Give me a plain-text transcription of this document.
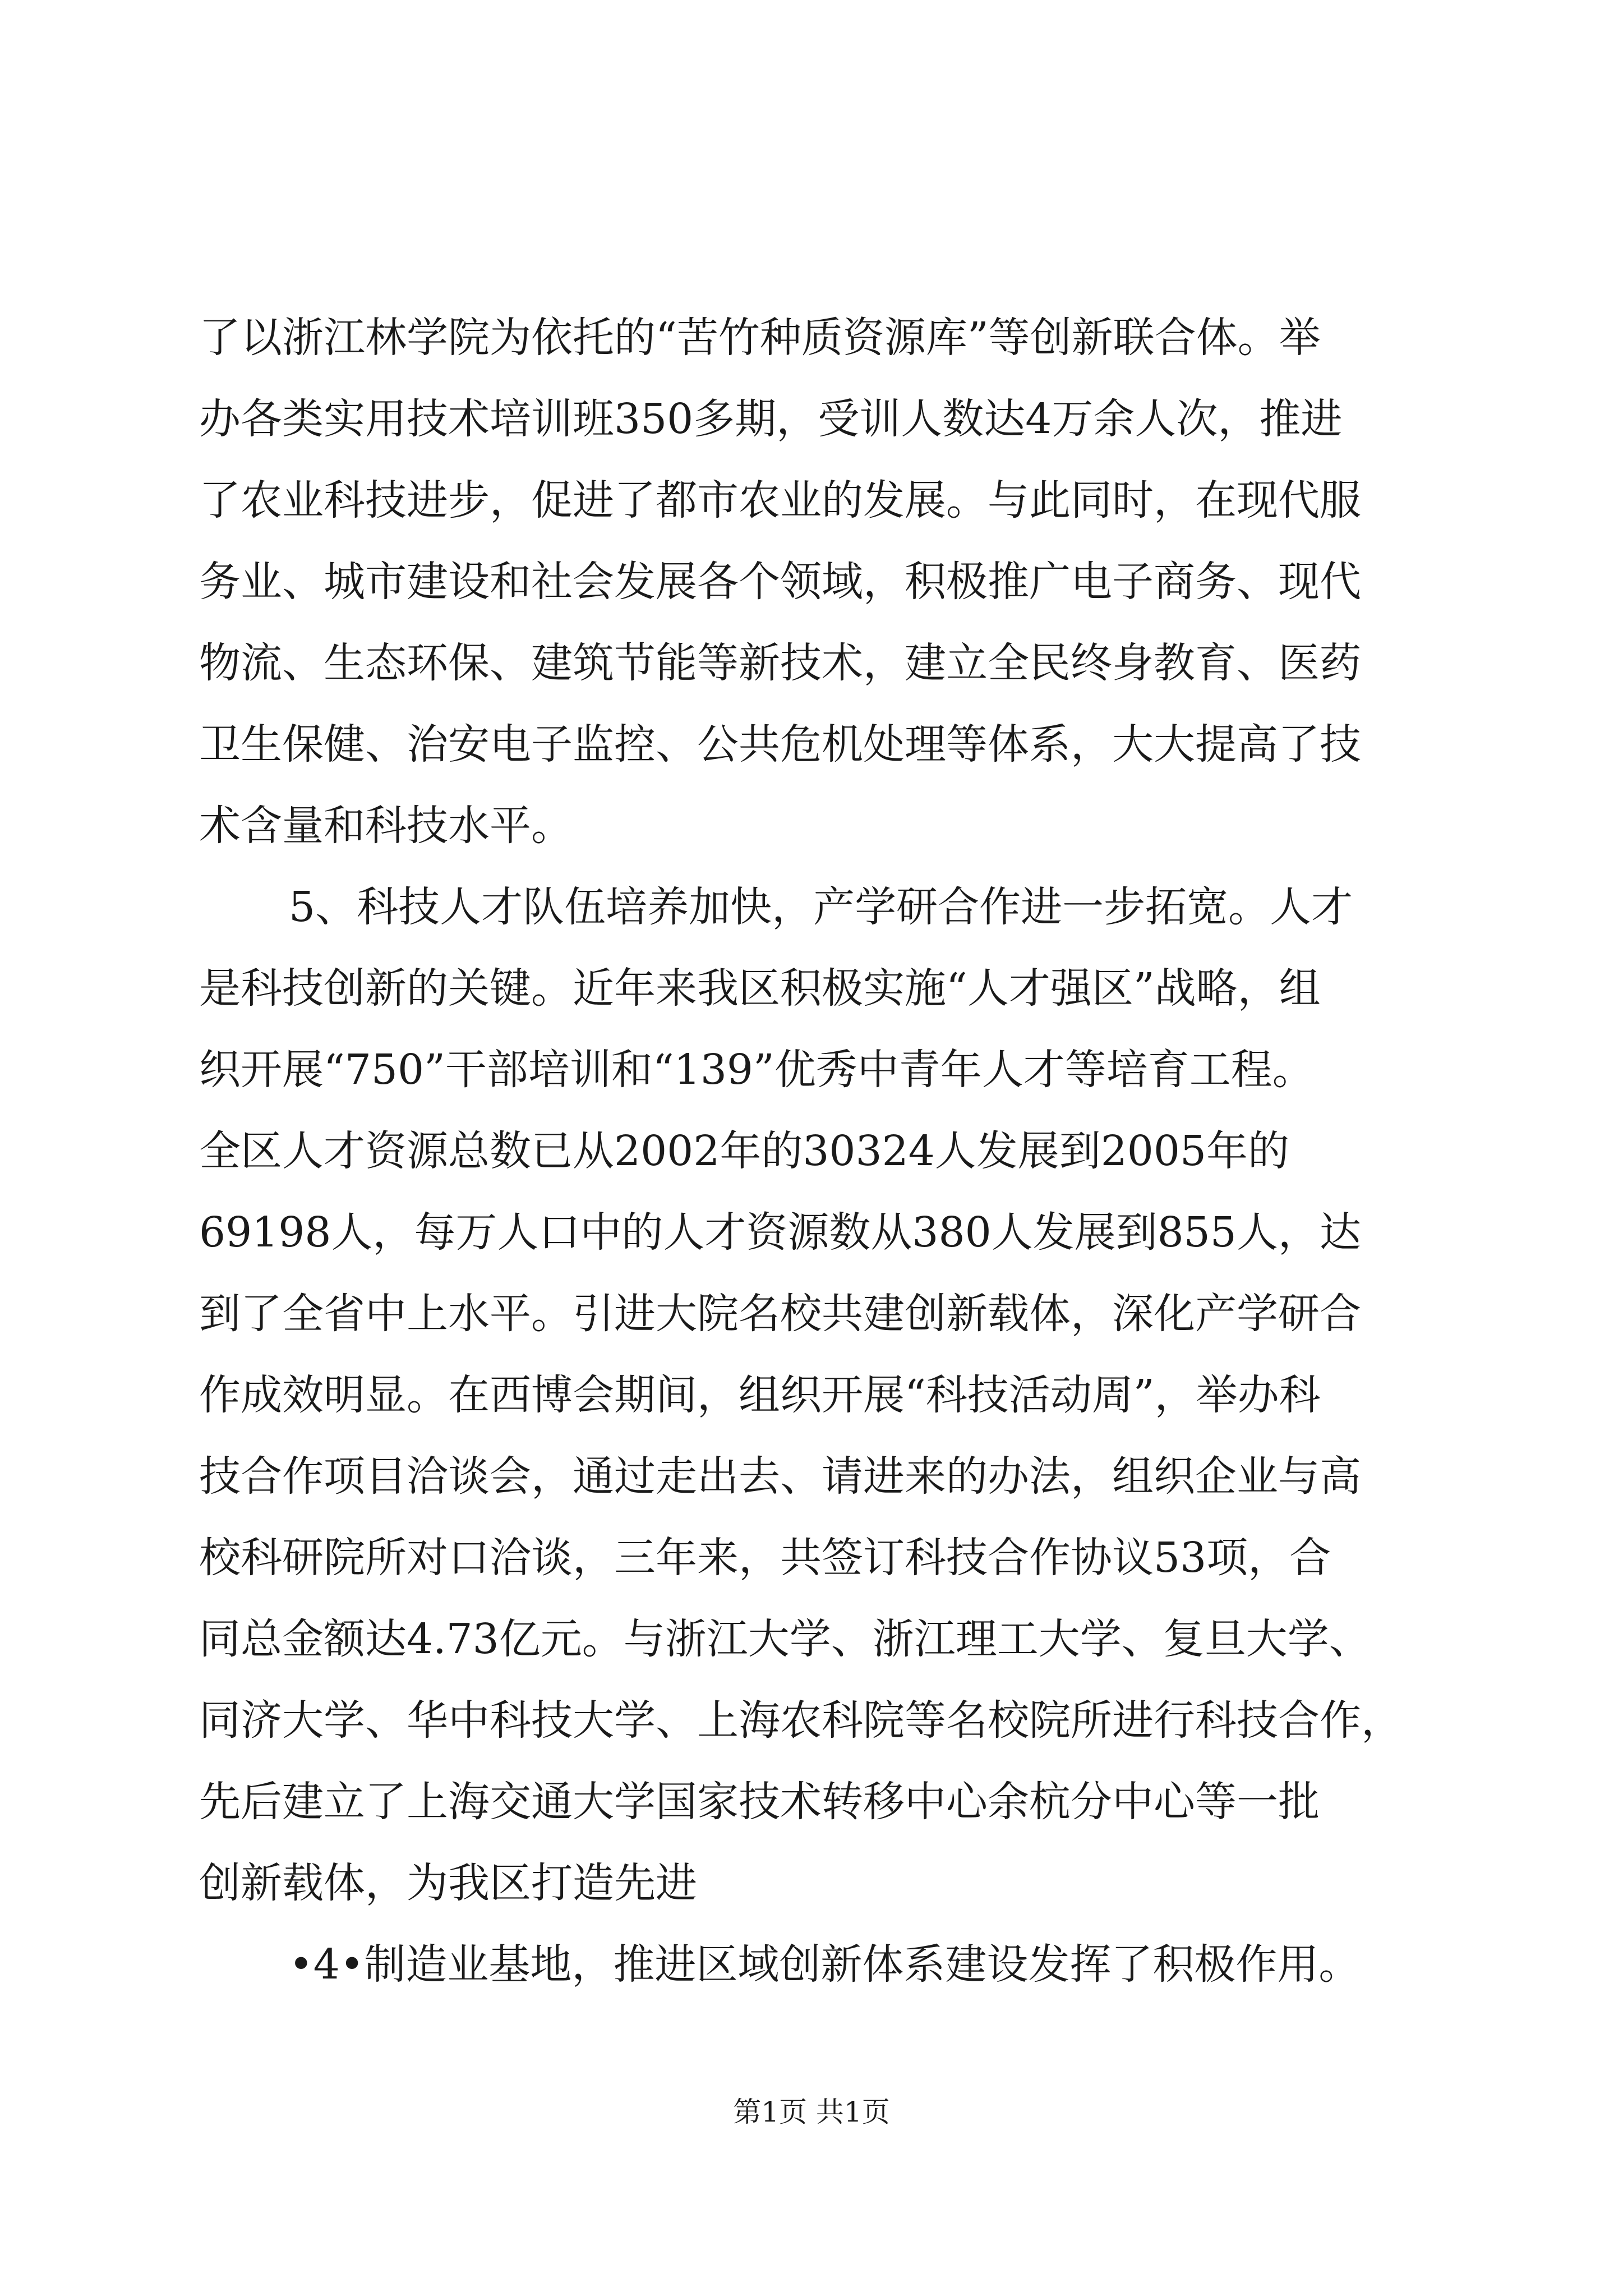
了以浙江林学院为依托的“苦竹种质资源库”等创新联合体。举
办各类实用技术培训班350多期，受训人数达4万余人次，推进
了农业科技进步，促进了都市农业的发展。与此同时，在现代服
务业、城市建设和社会发展各个领域，积极推广电子商务、现代
物流、生态环保、建筑节能等新技术，建立全民终身教育、医药
卫生保健、治安电子监控、公共危机处理等体系，大大提高了技
术含量和科技水平。
5、科技人才队伍培养加快，产学研合作进一步拓宽。人才
是科技创新的关键。近年来我区积极实施“人才强区”战略，组
织开展“750”干部培训和“139”优秀中青年人才等培育工程。
全区人才资源总数已从2002年的30324人发展到2005年的
69198人，每万人口中的人才资源数从380人发展到855人，达
到了全省中上水平。引进大院名校共建创新载体，深化产学研合
作成效明显。在西博会期间，组织开展“科技活动周”，举办科
技合作项目洽谈会，通过走出去、请进来的办法，组织企业与高
校科研院所对口洽谈，三年来，共签订科技合作协议53项，合
同总金额达4.73亿元。与浙江大学、浙江理工大学、复旦大学、
同济大学、华中科技大学、上海农科院等名校院所进行科技合作，
先后建立了上海交通大学国家技术转移中心余杭分中心等一批
创新载体，为我区打造先进
•4•制造业基地，推进区域创新体系建设发挥了积极作用。
第1页 共1页
